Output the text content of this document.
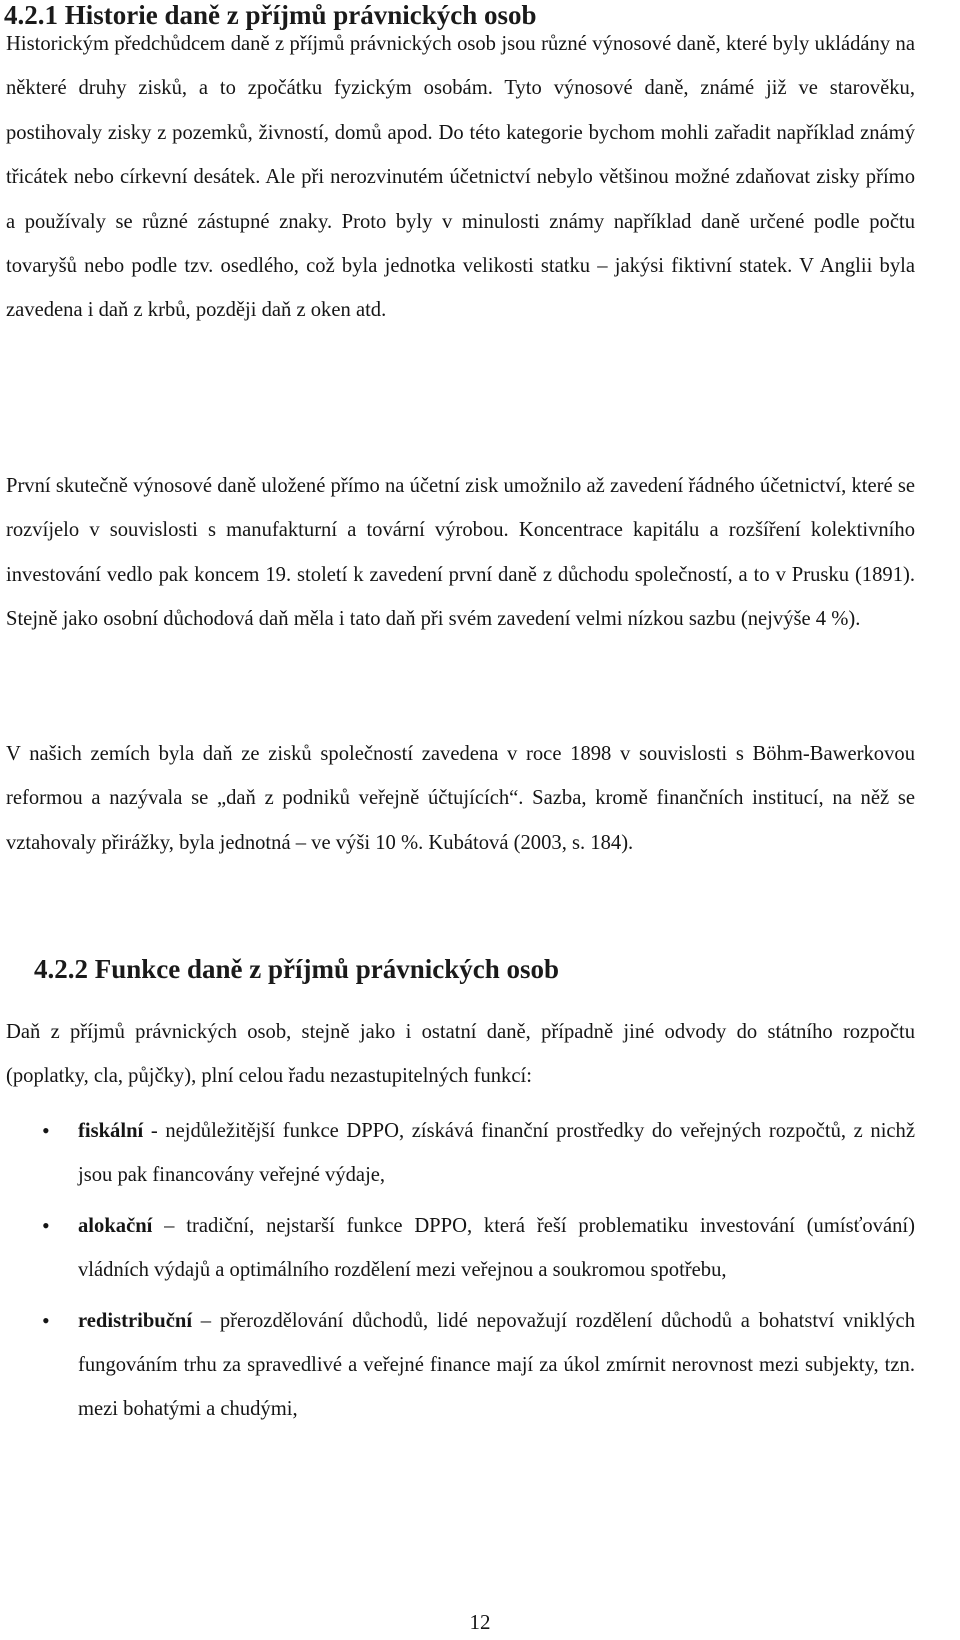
4.2.1 Historie daně z příjmů právnických osob

Historickým předchůdcem daně z příjmů právnických osob jsou různé výnosové daně, které byly ukládány na některé druhy zisků, a to zpočátku fyzickým osobám. Tyto výnosové daně, známé již ve starověku, postihovaly zisky z pozemků, živností, domů apod. Do této kategorie bychom mohli zařadit například známý třicátek nebo církevní desátek. Ale při nerozvinutém účetnictví nebylo většinou možné zdaňovat zisky přímo a používaly se různé zástupné znaky. Proto byly v minulosti známy například daně určené podle počtu tovaryšů nebo podle tzv. osedlého, což byla jednotka velikosti statku – jakýsi fiktivní statek. V Anglii byla zavedena i daň z krbů, později daň z oken atd.

První skutečně výnosové daně uložené přímo na účetní zisk umožnilo až zavedení řádného účetnictví, které se rozvíjelo v souvislosti s manufakturní a tovární výrobou. Koncentrace kapitálu a rozšíření kolektivního investování vedlo pak koncem 19. století k zavedení první daně z důchodu společností, a to v Prusku (1891). Stejně jako osobní důchodová daň měla i tato daň při svém zavedení velmi nízkou sazbu (nejvýše 4 %).

V našich zemích byla daň ze zisků společností zavedena v roce 1898 v souvislosti s Böhm-Bawerkovou reformou a nazývala se „daň z podniků veřejně účtujících“. Sazba, kromě finančních institucí, na něž se vztahovaly přirážky, byla jednotná – ve výši 10 %. Kubátová (2003, s. 184).

4.2.2 Funkce daně z příjmů právnických osob

Daň z příjmů právnických osob, stejně jako i ostatní daně, případně jiné odvody do státního rozpočtu (poplatky, cla, půjčky), plní celou řadu nezastupitelných funkcí:

• fiskální - nejdůležitější funkce DPPO, získává finanční prostředky do veřejných rozpočtů, z nichž jsou pak financovány veřejné výdaje,
• alokační – tradiční, nejstarší funkce DPPO, která řeší problematiku investování (umísťování) vládních výdajů a optimálního rozdělení mezi veřejnou a soukromou spotřebu,
• redistribuční – přerozdělování důchodů, lidé nepovažují rozdělení důchodů a bohatství vniklých fungováním trhu za spravedlivé a veřejné finance mají za úkol zmírnit nerovnost mezi subjekty, tzn. mezi bohatými a chudými,
12
